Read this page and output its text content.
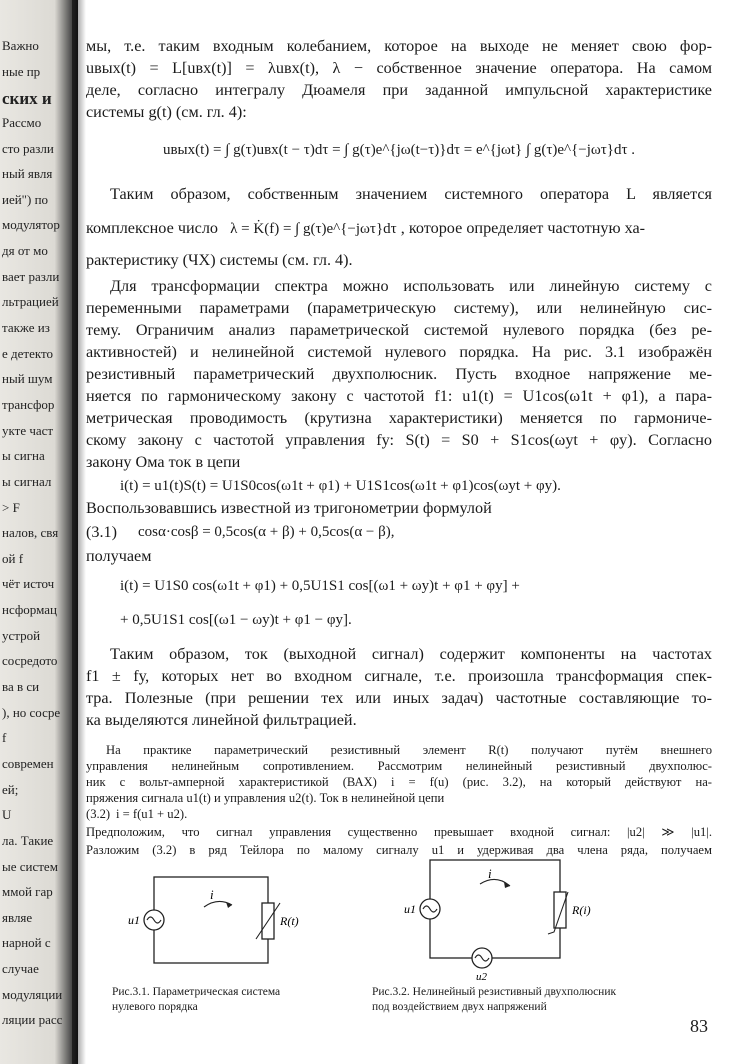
Важно
ные пр
ских и
Рассмо
сто разли
ный явля
ией") по
модулятор
дя от мо
вает разли
льтрацией
также из
е детекто
ный шум
трансфор
укте част
ы сигна
ы сигнал
> F
налов, свя
ой f
чёт источ
нсформац
устрой
сосредото
ва в си
), но сосре
f
современ
ей;
U
ла. Такие
ые систем
ммой гар
являе
нарной с
случае
модуляции
ляции расс
мы, т.е. таким входным колебанием, которое на выходе не меняет свою фор-
uвых(t) = L[uвх(t)] = λuвх(t), λ − собственное значение оператора. На самом
деле, согласно интегралу Дюамеля при заданной импульсной характеристике
системы g(t) (см. гл. 4):
uвых(t) = ∫ g(τ)uвх(t − τ)dτ = ∫ g(τ)e^{jω(t−τ)}dτ = e^{jωt} ∫ g(τ)e^{−jωτ}dτ .
Таким образом, собственным значением системного оператора L является
комплексное число λ = K̇(f) = ∫ g(τ)e^{−jωτ}dτ , которое определяет частотную ха-
рактеристику (ЧХ) системы (см. гл. 4).
Для трансформации спектра можно использовать или линейную систему с
переменными параметрами (параметрическую систему), или нелинейную сис-
тему. Ограничим анализ параметрической системой нулевого порядка (без ре-
активностей) и нелинейной системой нулевого порядка. На рис. 3.1 изображён
резистивный параметрический двухполюсник. Пусть входное напряжение ме-
няется по гармоническому закону с частотой f1: u1(t) = U1cos(ω1t + φ1), а пара-
метрическая проводимость (крутизна характеристики) меняется по гармониче-
скому закону с частотой управления fу: S(t) = S0 + S1cos(ωуt + φу). Согласно
закону Ома ток в цепи
i(t) = u1(t)S(t) = U1S0cos(ω1t + φ1) + U1S1cos(ω1t + φ1)cos(ωуt + φу).
Воспользовавшись известной из тригонометрии формулой
cosα·cosβ = 0,5cos(α + β) + 0,5cos(α − β),
(3.1)
получаем
i(t) = U1S0 cos(ω1t + φ1) + 0,5U1S1 cos[(ω1 + ωу)t + φ1 + φу] +
+ 0,5U1S1 cos[(ω1 − ωу)t + φ1 − φу].
Таким образом, ток (выходной сигнал) содержит компоненты на частотах
f1 ± fу, которых нет во входном сигнале, т.е. произошла трансформация спек-
тра. Полезные (при решении тех или иных задач) частотные составляющие то-
ка выделяются линейной фильтрацией.
На практике параметрический резистивный элемент R(t) получают путём внешнего
управления нелинейным сопротивлением. Рассмотрим нелинейный резистивный двухполюс-
ник с вольт-амперной характеристикой (ВАХ) i = f(u) (рис. 3.2), на который действуют на-
пряжения сигнала u1(t) и управления u2(t). Ток в нелинейной цепи
i = f(u1 + u2).
(3.2)
Предположим, что сигнал управления существенно превышает входной сигнал: |u2| ≫ |u1|.
Разложим (3.2) в ряд Тейлора по малому сигналу u1 и удерживая два члена ряда, получаем
u1
i
R(t)
Рис.3.1. Параметрическая система
нулевого порядка
u1
u2
i
R(i)
Рис.3.2. Нелинейный резистивный двухполюсник
под воздействием двух напряжений
83
